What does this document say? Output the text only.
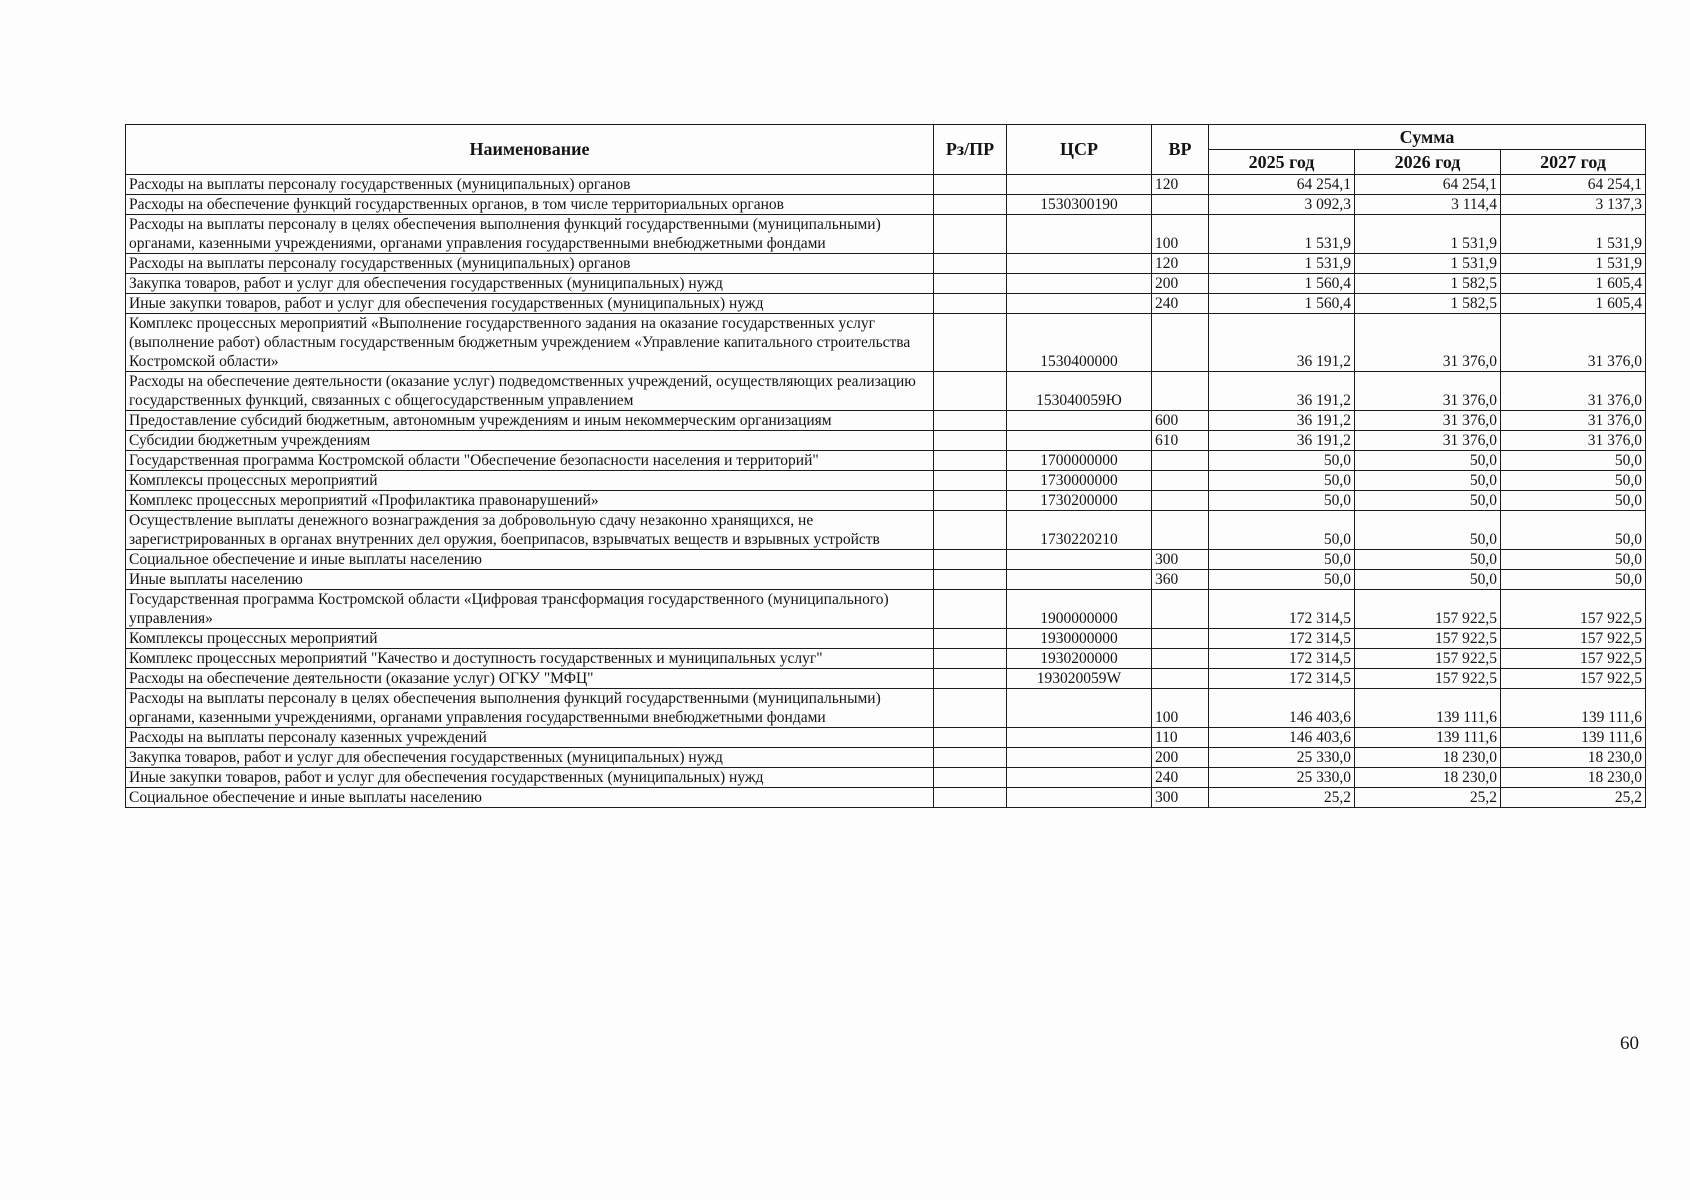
Наименование	Рз/ПР	ЦСР	ВР	Сумма		
				2025 год	2026 год	2027 год
Расходы на выплаты персоналу государственных (муниципальных) органов			120	64 254,1	64 254,1	64 254,1
Расходы на обеспечение функций государственных органов, в том числе территориальных органов		1530300190		3 092,3	3 114,4	3 137,3
Расходы на выплаты персоналу в целях обеспечения выполнения функций государственными (муниципальными) органами, казенными учреждениями, органами управления государственными внебюджетными фондами			100	1 531,9	1 531,9	1 531,9
Расходы на выплаты персоналу государственных (муниципальных) органов			120	1 531,9	1 531,9	1 531,9
Закупка товаров, работ и услуг для обеспечения государственных (муниципальных) нужд			200	1 560,4	1 582,5	1 605,4
Иные закупки товаров, работ и услуг для обеспечения государственных (муниципальных) нужд			240	1 560,4	1 582,5	1 605,4
Комплекс процессных мероприятий «Выполнение государственного задания на оказание государственных услуг (выполнение работ) областным государственным бюджетным учреждением «Управление капитального строительства Костромской области»		1530400000		36 191,2	31 376,0	31 376,0
Расходы на обеспечение деятельности (оказание услуг) подведомственных учреждений, осуществляющих реализацию государственных функций, связанных с общегосударственным управлением		153040059Ю		36 191,2	31 376,0	31 376,0
Предоставление субсидий бюджетным, автономным учреждениям и иным некоммерческим организациям			600	36 191,2	31 376,0	31 376,0
Субсидии бюджетным учреждениям			610	36 191,2	31 376,0	31 376,0
Государственная программа Костромской области "Обеспечение безопасности населения и территорий"		1700000000		50,0	50,0	50,0
Комплексы процессных мероприятий		1730000000		50,0	50,0	50,0
Комплекс процессных мероприятий «Профилактика правонарушений»		1730200000		50,0	50,0	50,0
Осуществление выплаты денежного вознаграждения за добровольную сдачу незаконно хранящихся, не зарегистрированных в органах внутренних дел оружия, боеприпасов, взрывчатых веществ и взрывных устройств		1730220210		50,0	50,0	50,0
Социальное обеспечение и иные выплаты населению			300	50,0	50,0	50,0
Иные выплаты населению			360	50,0	50,0	50,0
Государственная программа Костромской области «Цифровая трансформация государственного (муниципального) управления»		1900000000		172 314,5	157 922,5	157 922,5
Комплексы процессных мероприятий		1930000000		172 314,5	157 922,5	157 922,5
Комплекс процессных мероприятий "Качество и доступность государственных и муниципальных услуг"		1930200000		172 314,5	157 922,5	157 922,5
Расходы на обеспечение деятельности (оказание услуг) ОГКУ "МФЦ"		193020059W		172 314,5	157 922,5	157 922,5
Расходы на выплаты персоналу в целях обеспечения выполнения функций государственными (муниципальными) органами, казенными учреждениями, органами управления государственными внебюджетными фондами			100	146 403,6	139 111,6	139 111,6
Расходы на выплаты персоналу казенных учреждений			110	146 403,6	139 111,6	139 111,6
Закупка товаров, работ и услуг для обеспечения государственных (муниципальных) нужд			200	25 330,0	18 230,0	18 230,0
Иные закупки товаров, работ и услуг для обеспечения государственных (муниципальных) нужд			240	25 330,0	18 230,0	18 230,0
Социальное обеспечение и иные выплаты населению			300	25,2	25,2	25,2
60
